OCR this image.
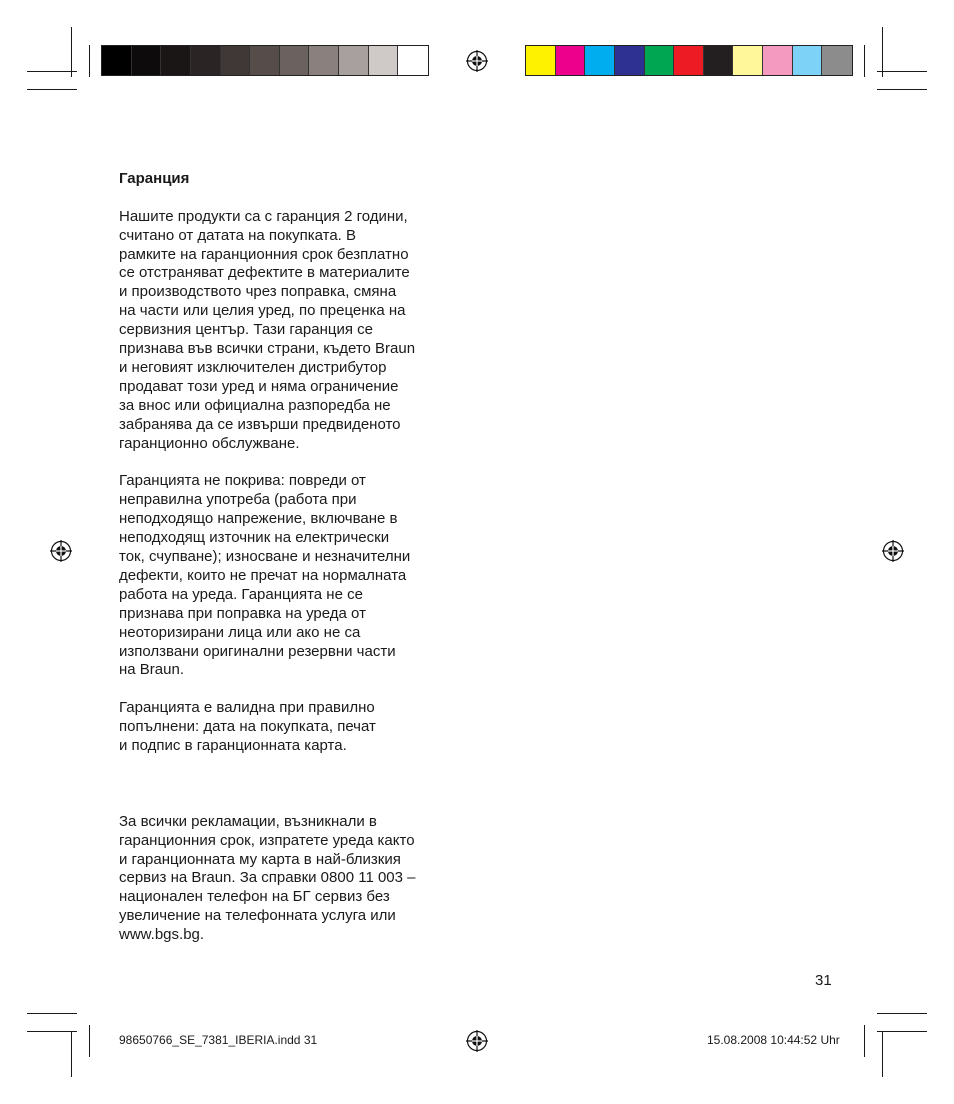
Гаранция

Нашите продукти са с гаранция 2 години,
считано от датата на покупката. В
рамките на гаранционния срок безплатно
се отстраняват дефектите в материалите
и производството чрез поправка, смяна
на части или целия уред, по преценка на
сервизния център. Тази гаранция се
признава във всички страни, където Braun
и неговият изключителен дистрибутор
продават този уред и няма ограничение
за внос или официална разпоредба не
забранява да се извърши предвиденото
гаранционно обслужване.

Гаранцията не покрива: повреди от
неправилна употреба (работа при
неподходящо напрежение, включване в
неподходящ източник на електрически
ток, счупване); износване и незначителни
дефекти, които не пречат на нормалната
работа на уреда. Гаранцията не се
признава при поправка на уреда от
неоторизирани лица или ако не са
използвани оригинални резервни части
на Braun.

Гаранцията е валидна при правилно
попълнени: дата на покупката, печат
и подпис в гаранционната карта.

За всички рекламации, възникнали в
гаранционния срок, изпратете уреда както
и гаранционната му карта в най-близкия
сервиз на Braun. За справки 0800 11 003 –
национален телефон на БГ сервиз без
увеличение на телефонната услуга или
www.bgs.bg.

31
98650766_SE_7381_IBERIA.indd 31	15.08.2008 10:44:52 Uhr
